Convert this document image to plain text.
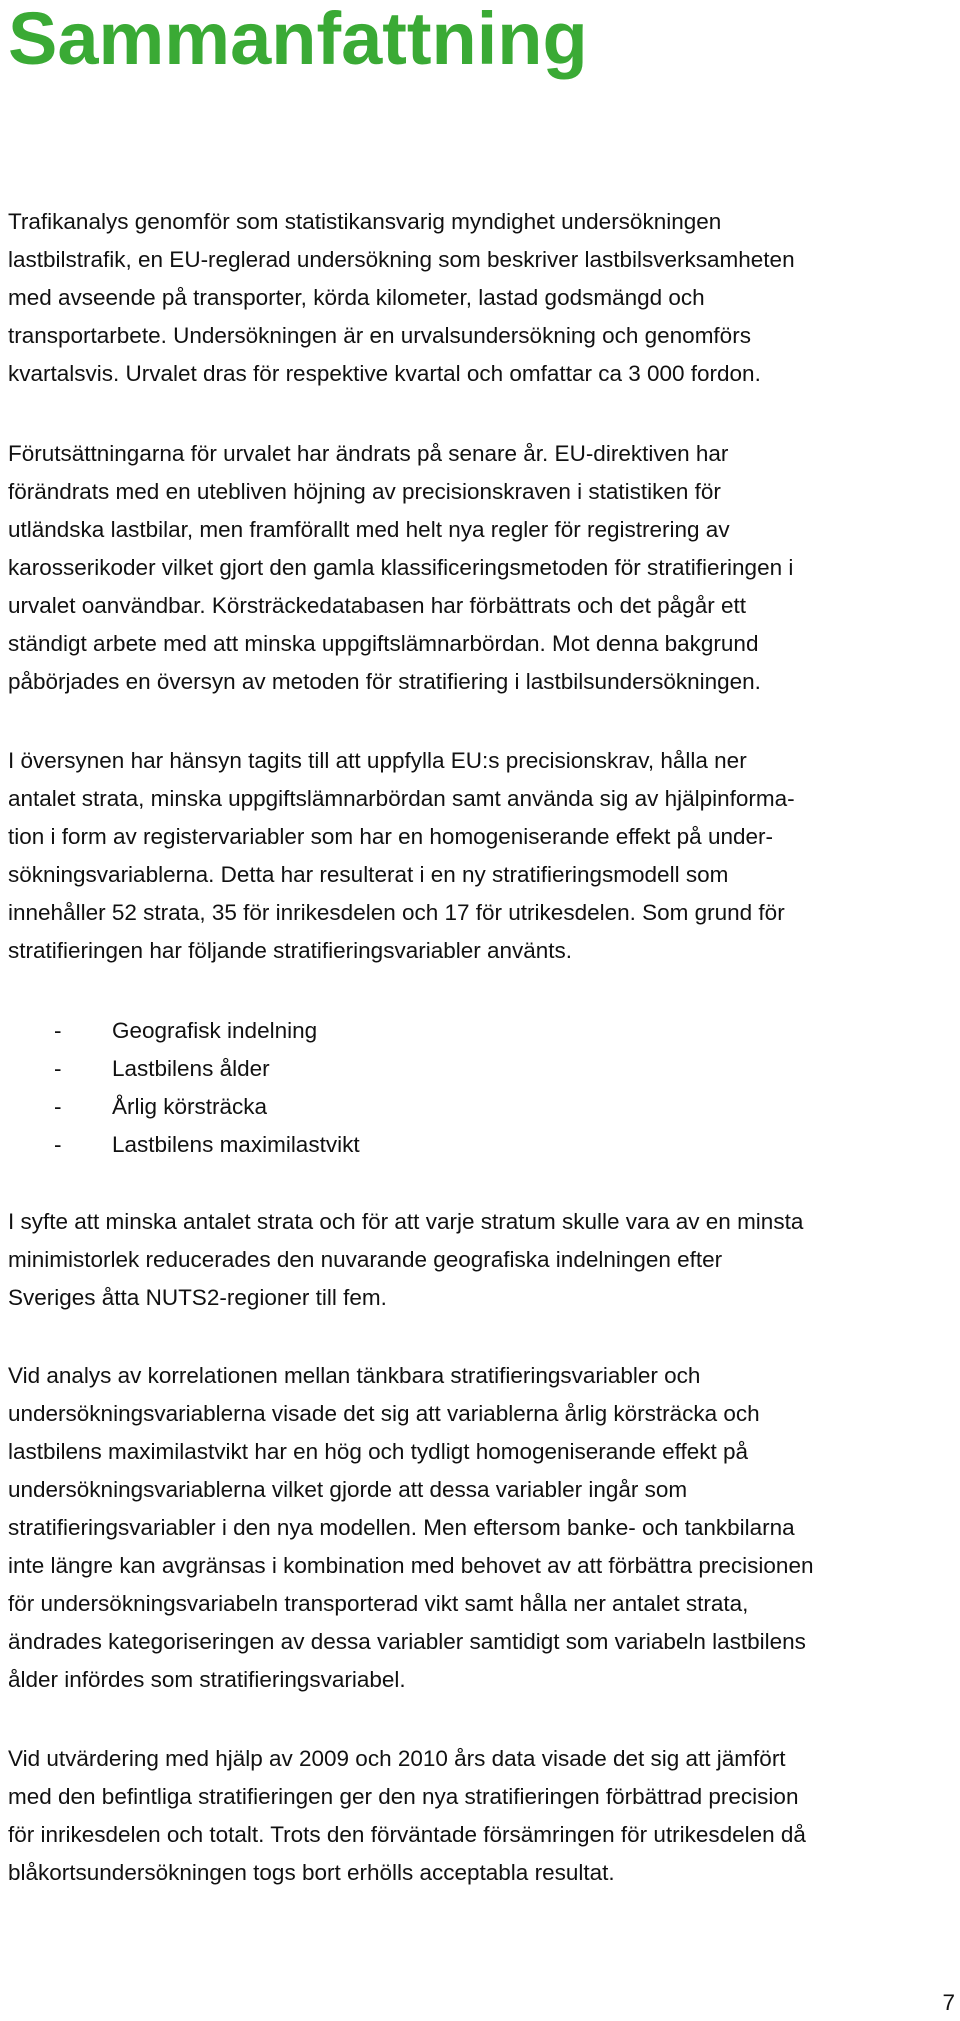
Sammanfattning
Trafikanalys genomför som statistikansvarig myndighet undersökningen
lastbilstrafik, en EU-reglerad undersökning som beskriver lastbilsverksamheten
med avseende på transporter, körda kilometer, lastad godsmängd och
transportarbete. Undersökningen är en urvalsundersökning och genomförs
kvartalsvis. Urvalet dras för respektive kvartal och omfattar ca 3 000 fordon.
Förutsättningarna för urvalet har ändrats på senare år. EU-direktiven har
förändrats med en utebliven höjning av precisionskraven i statistiken för
utländska lastbilar, men framförallt med helt nya regler för registrering av
karosserikoder vilket gjort den gamla klassificeringsmetoden för stratifieringen i
urvalet oanvändbar. Körsträckedatabasen har förbättrats och det pågår ett
ständigt arbete med att minska uppgiftslämnarbördan. Mot denna bakgrund
påbörjades en översyn av metoden för stratifiering i lastbilsundersökningen.
I översynen har hänsyn tagits till att uppfylla EU:s precisionskrav, hålla ner
antalet strata, minska uppgiftslämnarbördan samt använda sig av hjälpinforma-
tion i form av registervariabler som har en homogeniserande effekt på under-
sökningsvariablerna. Detta har resulterat i en ny stratifieringsmodell som
innehåller 52 strata, 35 för inrikesdelen och 17 för utrikesdelen. Som grund för
stratifieringen har följande stratifieringsvariabler använts.
- Geografisk indelning
- Lastbilens ålder
- Årlig körsträcka
- Lastbilens maximilastvikt
I syfte att minska antalet strata och för att varje stratum skulle vara av en minsta
minimistorlek reducerades den nuvarande geografiska indelningen efter
Sveriges åtta NUTS2-regioner till fem.
Vid analys av korrelationen mellan tänkbara stratifieringsvariabler och
undersökningsvariablerna visade det sig att variablerna årlig körsträcka och
lastbilens maximilastvikt har en hög och tydligt homogeniserande effekt på
undersökningsvariablerna vilket gjorde att dessa variabler ingår som
stratifieringsvariabler i den nya modellen. Men eftersom banke- och tankbilarna
inte längre kan avgränsas i kombination med behovet av att förbättra precisionen
för undersökningsvariabeln transporterad vikt samt hålla ner antalet strata,
ändrades kategoriseringen av dessa variabler samtidigt som variabeln lastbilens
ålder infördes som stratifieringsvariabel.
Vid utvärdering med hjälp av 2009 och 2010 års data visade det sig att jämfört
med den befintliga stratifieringen ger den nya stratifieringen förbättrad precision
för inrikesdelen och totalt. Trots den förväntade försämringen för utrikesdelen då
blåkortsundersökningen togs bort erhölls acceptabla resultat.
7
